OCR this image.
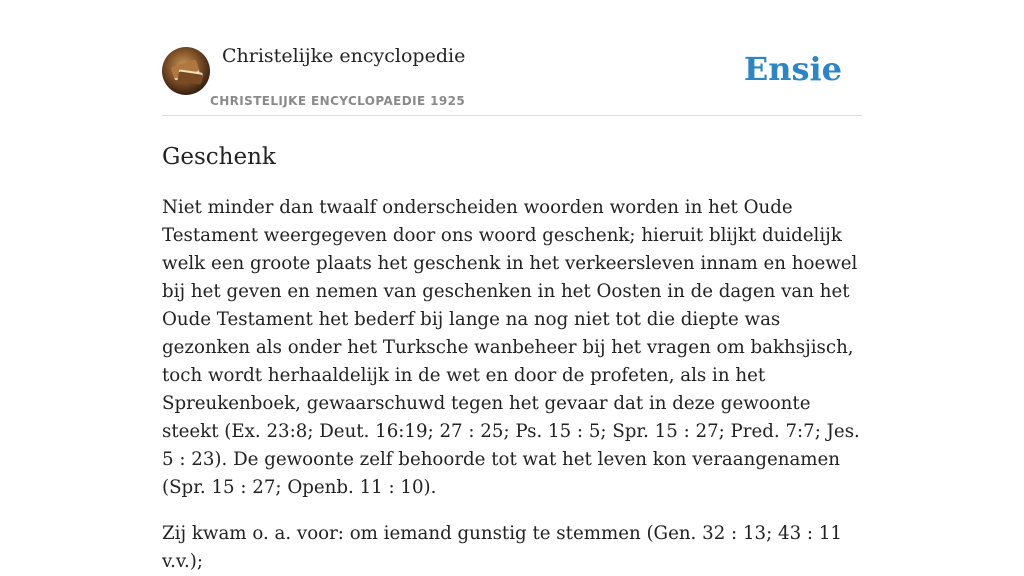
Christelijke encyclopedie
CHRISTELIJKE ENCYCLOPAEDIE 1925
Ensie
Geschenk

Niet minder dan twaalf onderscheiden woorden worden in het Oude Testament weergegeven door ons woord geschenk; hieruit blijkt duidelijk welk een groote plaats het geschenk in het verkeersleven innam en hoewel bij het geven en nemen van geschenken in het Oosten in de dagen van het Oude Testament het bederf bij lange na nog niet tot die diepte was gezonken als onder het Turksche wanbeheer bij het vragen om bakhsjisch, toch wordt herhaaldelijk in de wet en door de profeten, als in het Spreukenboek, gewaarschuwd tegen het gevaar dat in deze gewoonte steekt (Ex. 23:8; Deut. 16:19; 27 : 25; Ps. 15 : 5; Spr. 15 : 27; Pred. 7:7; Jes. 5 : 23). De gewoonte zelf behoorde tot wat het leven kon veraangenamen (Spr. 15 : 27; Openb. 11 : 10).

Zij kwam o. a. voor: om iemand gunstig te stemmen (Gen. 32 : 13; 43 : 11 v.v.);
